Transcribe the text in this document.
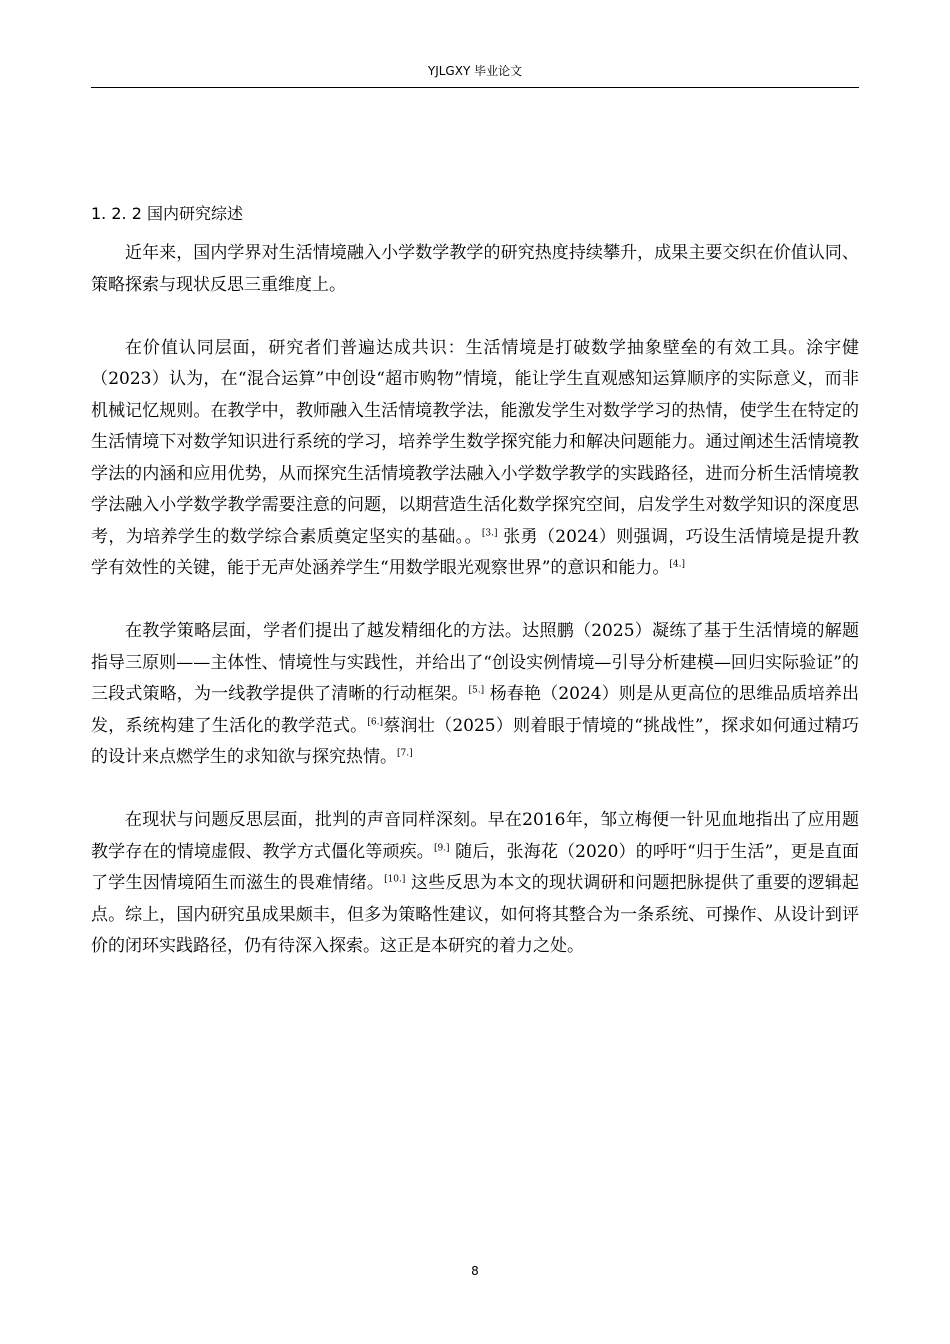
YJLGXY 毕业论文
1. 2. 2 国内研究综述

近年来，国内学界对生活情境融入小学数学教学的研究热度持续攀升，成果主要交织在价值认同、策略探索与现状反思三重维度上。

在价值认同层面，研究者们普遍达成共识：生活情境是打破数学抽象壁垒的有效工具。涂宇健（2023）认为，在“混合运算”中创设“超市购物”情境，能让学生直观感知运算顺序的实际意义，而非机械记忆规则。在教学中，教师融入生活情境教学法，能激发学生对数学学习的热情，使学生在特定的生活情境下对数学知识进行系统的学习，培养学生数学探究能力和解决问题能力。通过阐述生活情境教学法的内涵和应用优势，从而探究生活情境教学法融入小学数学教学的实践路径，进而分析生活情境教学法融入小学数学教学需要注意的问题，以期营造生活化数学探究空间，启发学生对数学知识的深度思考，为培养学生的数学综合素质奠定坚实的基础。。[3.] 张勇（2024）则强调，巧设生活情境是提升教学有效性的关键，能于无声处涵养学生“用数学眼光观察世界”的意识和能力。[4.]

在教学策略层面，学者们提出了越发精细化的方法。达照鹏（2025）凝练了基于生活情境的解题指导三原则——主体性、情境性与实践性，并给出了“创设实例情境—引导分析建模—回归实际验证”的三段式策略，为一线教学提供了清晰的行动框架。[5.] 杨春艳（2024）则是从更高位的思维品质培养出发，系统构建了生活化的教学范式。[6.]蔡润壮（2025）则着眼于情境的“挑战性”，探求如何通过精巧的设计来点燃学生的求知欲与探究热情。[7.]

在现状与问题反思层面，批判的声音同样深刻。早在2016年，邹立梅便一针见血地指出了应用题教学存在的情境虚假、教学方式僵化等顽疾。[9.] 随后，张海花（2020）的呼吁“归于生活”，更是直面了学生因情境陌生而滋生的畏难情绪。[10.] 这些反思为本文的现状调研和问题把脉提供了重要的逻辑起点。综上，国内研究虽成果颇丰，但多为策略性建议，如何将其整合为一条系统、可操作、从设计到评价的闭环实践路径，仍有待深入探索。这正是本研究的着力之处。

8
